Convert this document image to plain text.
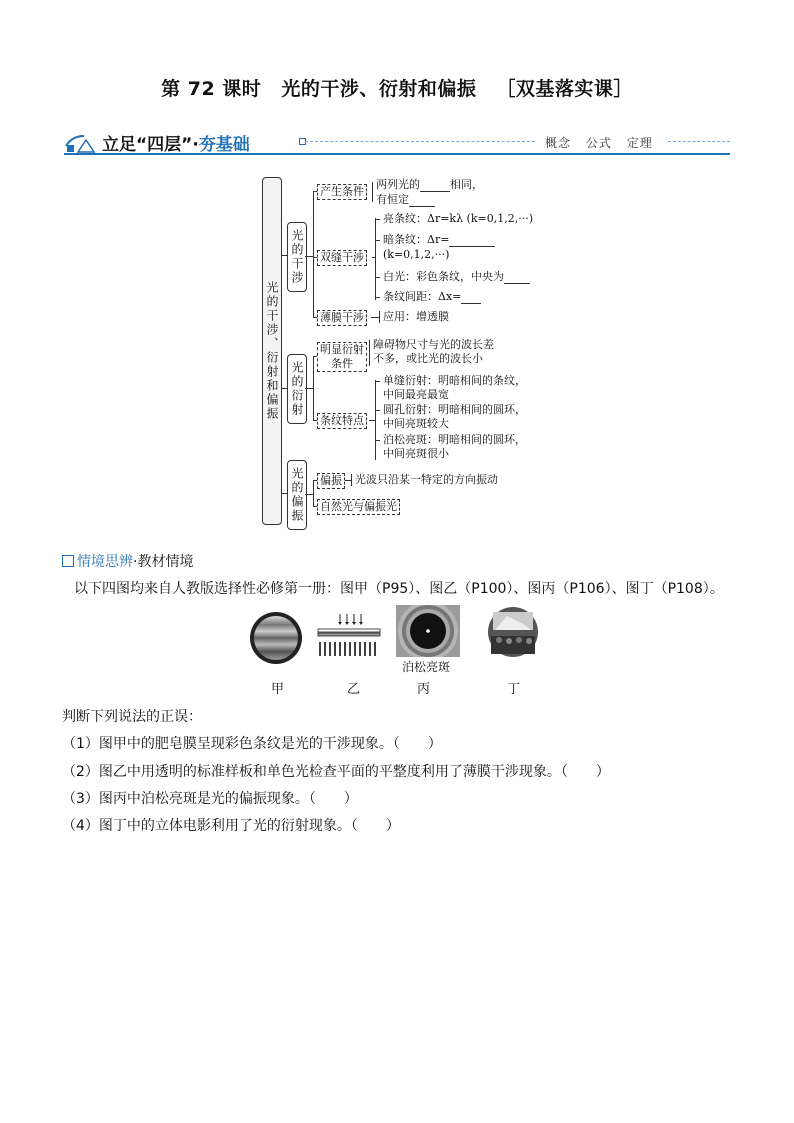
第 72 课时 光的干涉、衍射和偏振 ［双基落实课］
立足“四层”·夯基础	概念 公式 定理
光的干涉、衍射和偏振
光的干涉
产生条件
两列光的	相同，
有恒定
双缝干涉
亮条纹：Δr=kλ (k=0,1,2,···)
暗条纹：Δr=
(k=0,1,2,···)
白光：彩色条纹，中央为
条纹间距：Δx=
薄膜干涉 应用：增透膜
光的衍射
明显衍射条件
障碍物尺寸与光的波长差
不多，或比光的波长小
条纹特点
单缝衍射：明暗相间的条纹，
中间最亮最宽
圆孔衍射：明暗相间的圆环，
中间亮斑较大
泊松亮斑：明暗相间的圆环，
中间亮斑很小
光的偏振 偏振 光波只沿某一特定的方向振动
自然光与偏振光
情境思辨·教材情境
以下四图均来自人教版选择性必修第一册：图甲（P95）、图乙（P100）、图丙（P106）、图丁（P108）。
泊松亮斑
甲	乙	丙	丁
判断下列说法的正误：
（1）图甲中的肥皂膜呈现彩色条纹是光的干涉现象。（　　）
（2）图乙中用透明的标准样板和单色光检查平面的平整度利用了薄膜干涉现象。（　　）
（3）图丙中泊松亮斑是光的偏振现象。（　　）
（4）图丁中的立体电影利用了光的衍射现象。（　　）
